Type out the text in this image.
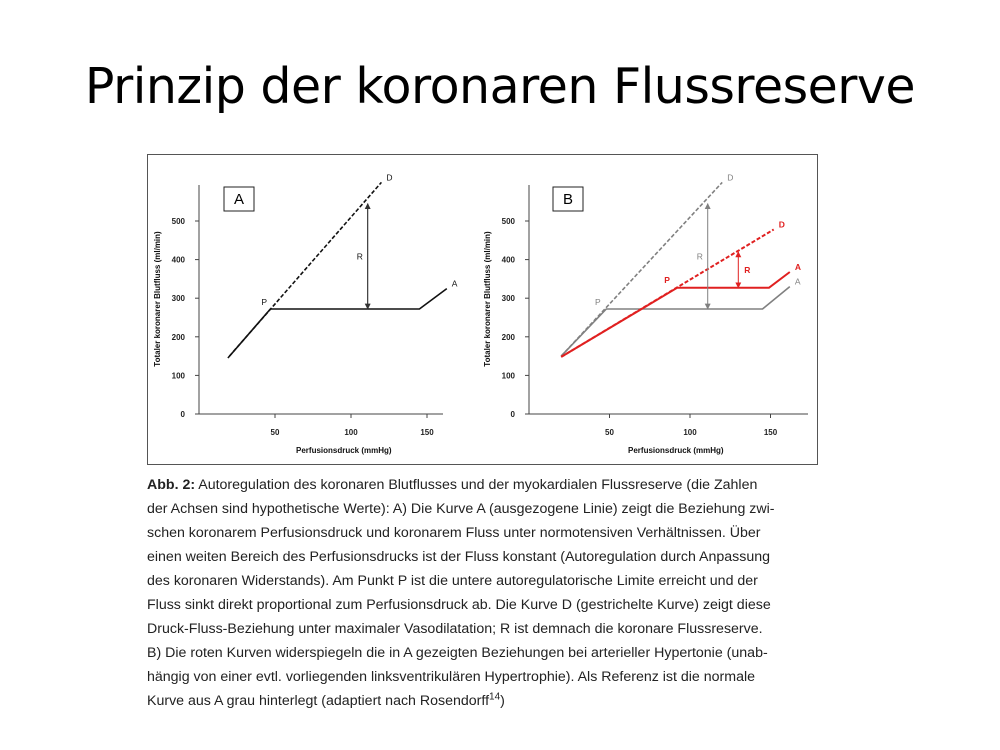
Prinzip der koronaren Flussreserve
0
100
200
300
400
500
50	100	150
Perfusionsdruck (mmHg)
Totaler koronarer Blutfluss (ml/min)
A
A
D
P
R
0
100
200
300
400
500
50	100	150
Perfusionsdruck (mmHg)
Totaler koronarer Blutfluss (ml/min)
B
A
D
A
D
P
R
P
R
Abb. 2: Autoregulation des koronaren Blutflusses und der myokardialen Flussreserve (die Zahlen
der Achsen sind hypothetische Werte): A) Die Kurve A (ausgezogene Linie) zeigt die Beziehung zwi-
schen koronarem Perfusionsdruck und koronarem Fluss unter normotensiven Verhältnissen. Über
einen weiten Bereich des Perfusionsdrucks ist der Fluss konstant (Autoregulation durch Anpassung
des koronaren Widerstands). Am Punkt P ist die untere autoregulatorische Limite erreicht und der
Fluss sinkt direkt proportional zum Perfusionsdruck ab. Die Kurve D (gestrichelte Kurve) zeigt diese
Druck-Fluss-Beziehung unter maximaler Vasodilatation; R ist demnach die koronare Flussreserve.
B) Die roten Kurven widerspiegeln die in A gezeigten Beziehungen bei arterieller Hypertonie (unab-
hängig von einer evtl. vorliegenden linksventrikulären Hypertrophie). Als Referenz ist die normale
Kurve aus A grau hinterlegt (adaptiert nach Rosendorff$^{14}$)
